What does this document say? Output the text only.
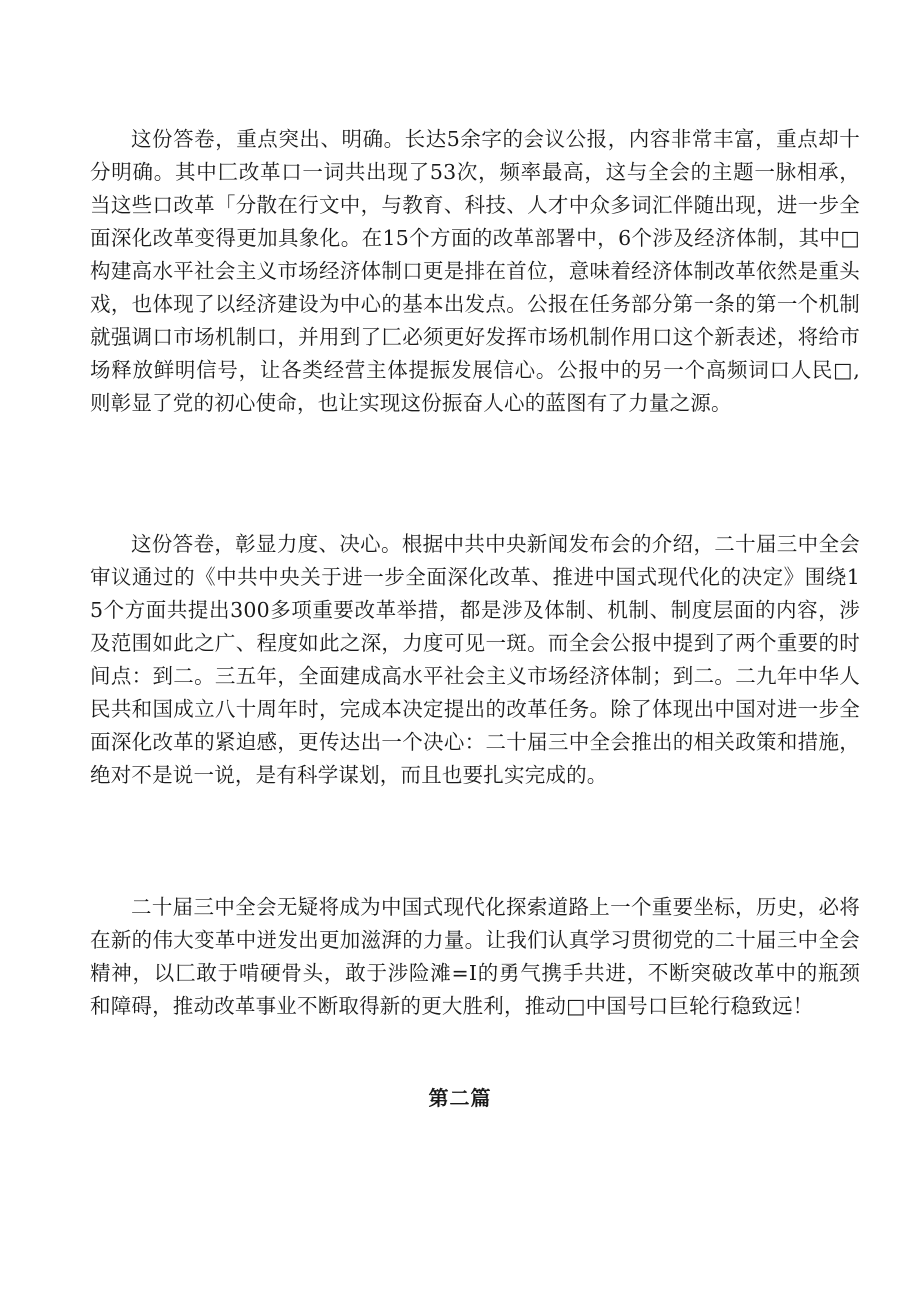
这份答卷，重点突出、明确。长达5余字的会议公报，内容非常丰富，重点却十分明确。其中匚改革口一词共出现了53次，频率最高，这与全会的主题一脉相承，当这些口改革「分散在行文中，与教育、科技、人才中众多词汇伴随出现，进一步全面深化改革变得更加具象化。在15个方面的改革部署中，6个涉及经济体制，其中□构建高水平社会主义市场经济体制口更是排在首位，意味着经济体制改革依然是重头戏，也体现了以经济建设为中心的基本出发点。公报在任务部分第一条的第一个机制就强调口市场机制口，并用到了匚必须更好发挥市场机制作用口这个新表述，将给市场释放鲜明信号，让各类经营主体提振发展信心。公报中的另一个高频词口人民□,则彰显了党的初心使命，也让实现这份振奋人心的蓝图有了力量之源。

这份答卷，彰显力度、决心。根据中共中央新闻发布会的介绍，二十届三中全会审议通过的《中共中央关于进一步全面深化改革、推进中国式现代化的决定》围绕15个方面共提出300多项重要改革举措，都是涉及体制、机制、制度层面的内容，涉及范围如此之广、程度如此之深，力度可见一斑。而全会公报中提到了两个重要的时间点：到二。三五年，全面建成高水平社会主义市场经济体制；到二。二九年中华人民共和国成立八十周年时，完成本决定提出的改革任务。除了体现出中国对进一步全面深化改革的紧迫感，更传达出一个决心：二十届三中全会推出的相关政策和措施，绝对不是说一说，是有科学谋划，而且也要扎实完成的。

二十届三中全会无疑将成为中国式现代化探索道路上一个重要坐标，历史，必将在新的伟大变革中迸发出更加滋湃的力量。让我们认真学习贯彻党的二十届三中全会精神，以匚敢于啃硬骨头，敢于涉险滩=I的勇气携手共进，不断突破改革中的瓶颈和障碍，推动改革事业不断取得新的更大胜利，推动□中国号口巨轮行稳致远！

第二篇
